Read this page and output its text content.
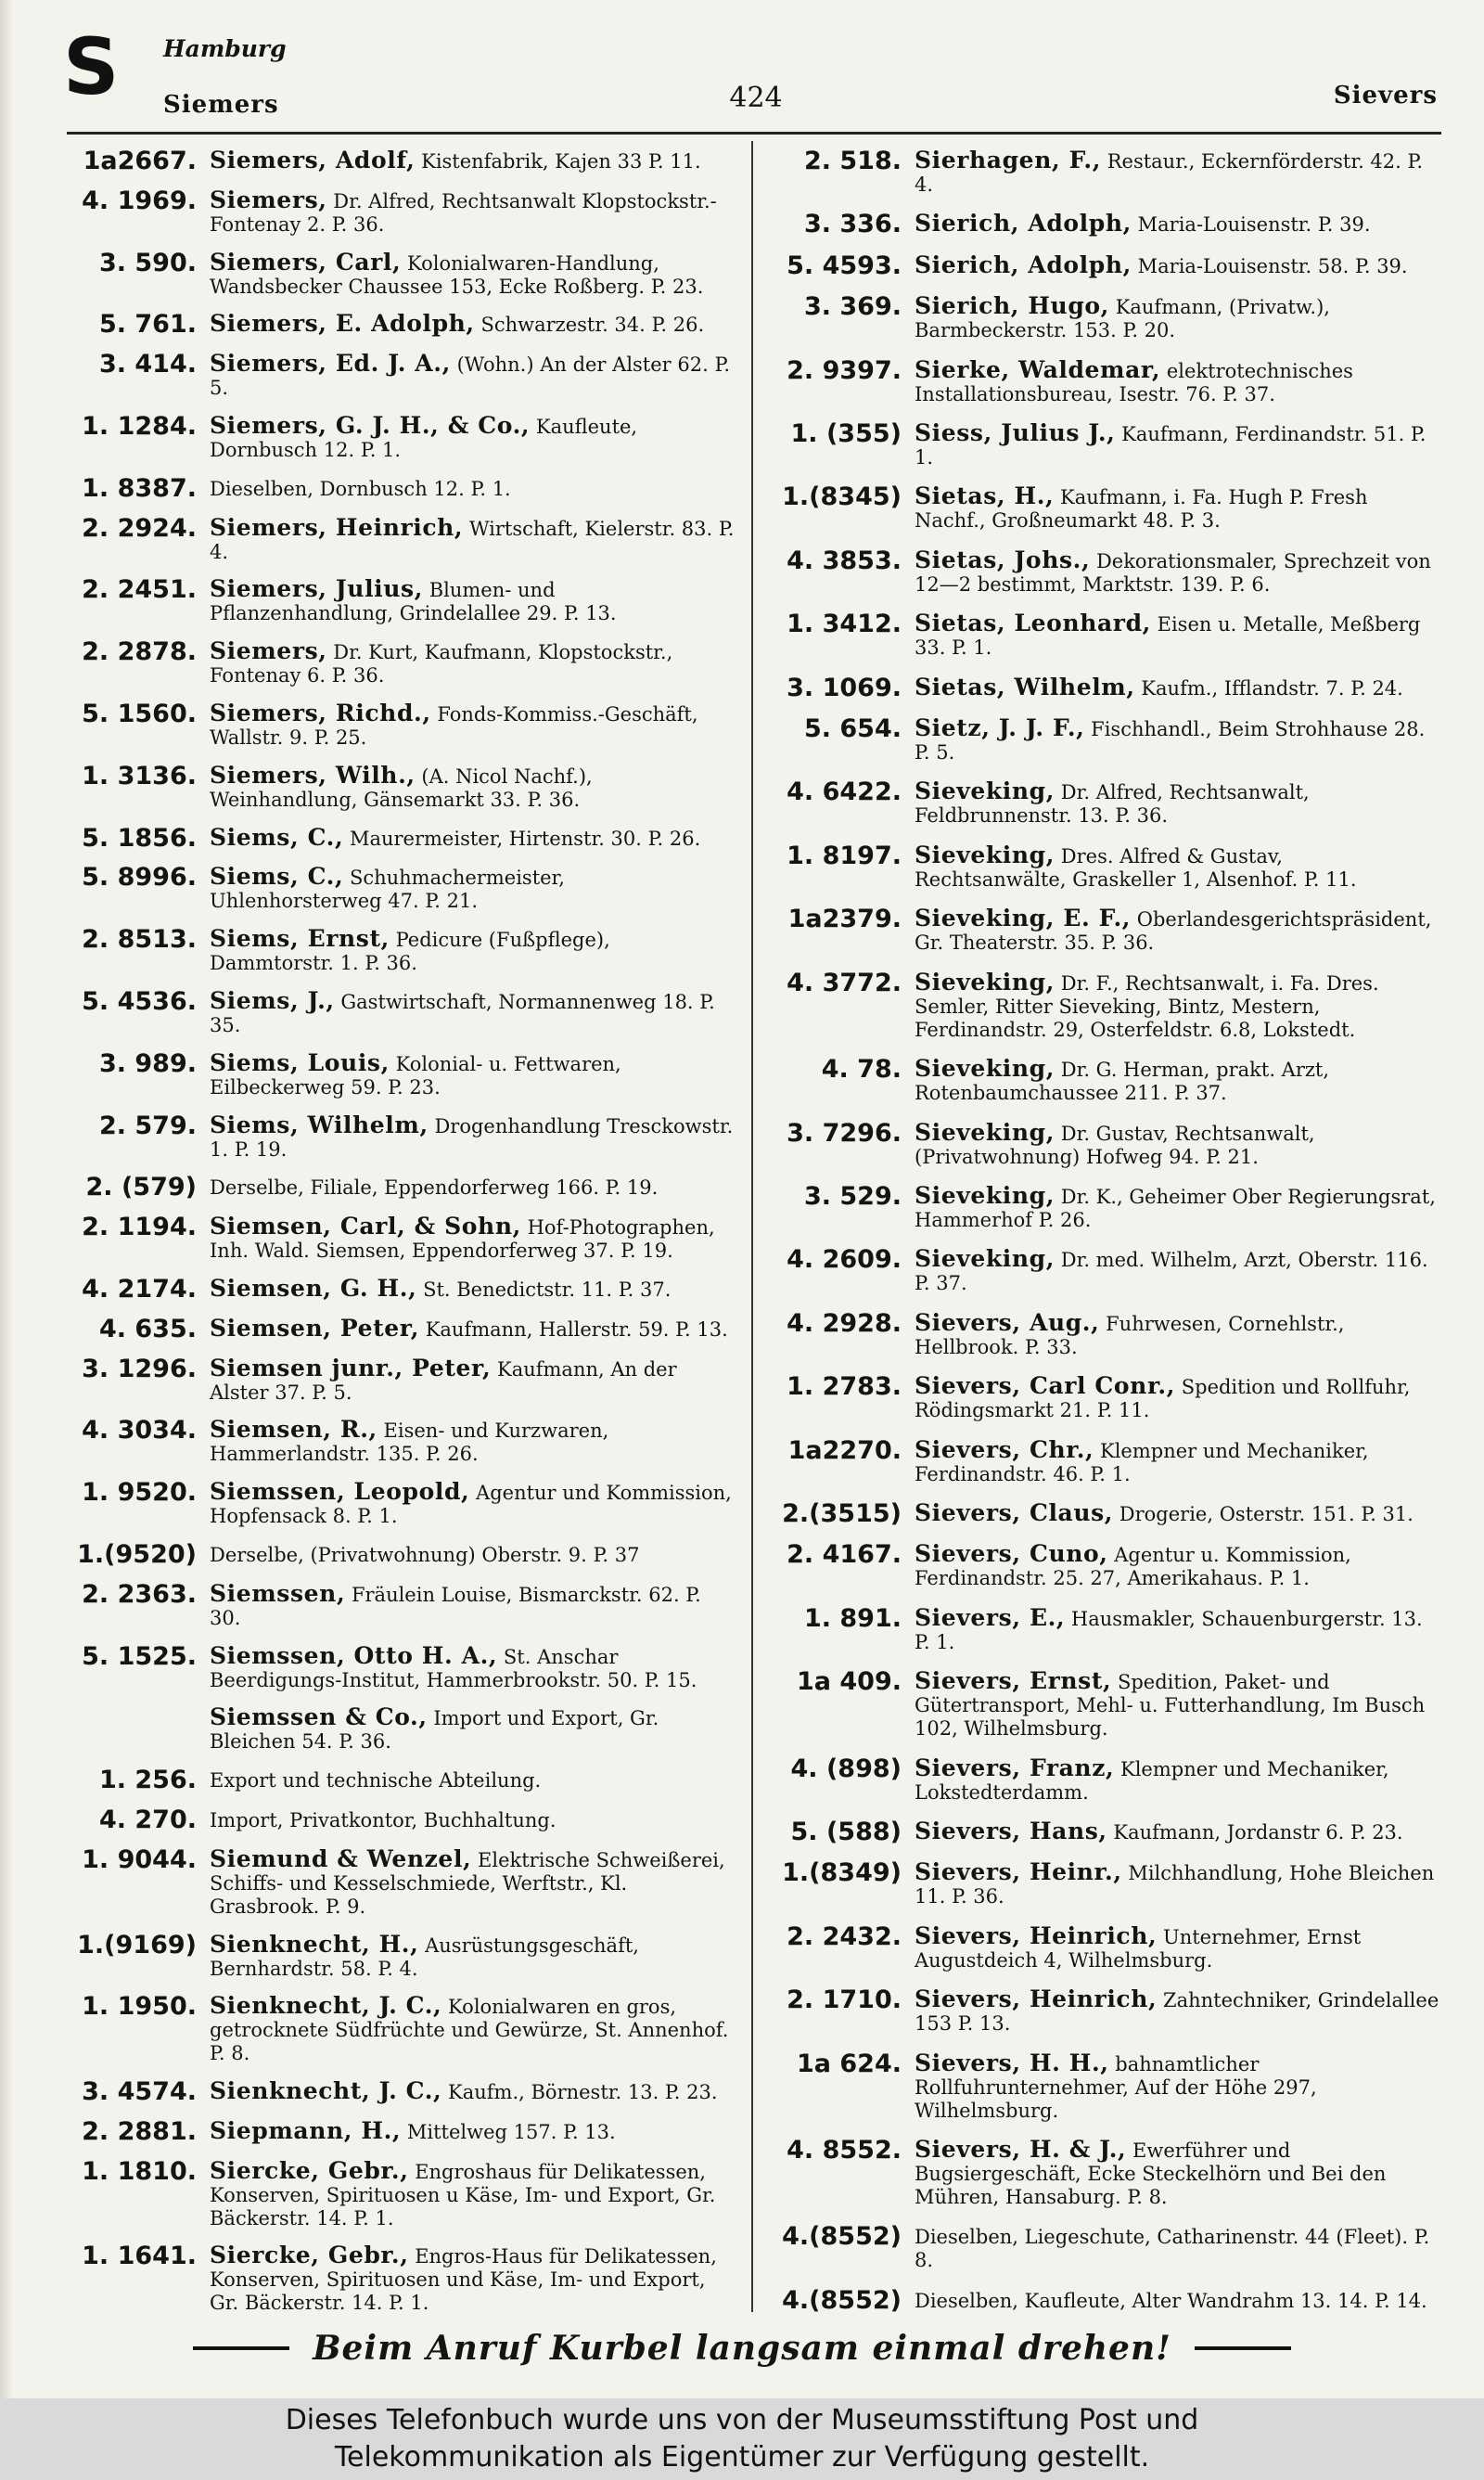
S Hamburg
Siemers	424	Sievers
1a2667. Siemers, Adolf, Kistenfabrik, Kajen 33 P. 11.
4. 1969. Siemers, Dr. Alfred, Rechtsanwalt Klopstockstr.-Fontenay 2. P. 36.
3. 590. Siemers, Carl, Kolonialwaren-Handlung, Wandsbecker Chaussee 153, Ecke Roßberg. P. 23.
5. 761. Siemers, E. Adolph, Schwarzestr. 34. P. 26.
3. 414. Siemers, Ed. J. A., (Wohn.) An der Alster 62. P. 5.
1. 1284. Siemers, G. J. H., & Co., Kaufleute, Dornbusch 12. P. 1.
1. 8387. Dieselben, Dornbusch 12. P. 1.
2. 2924. Siemers, Heinrich, Wirtschaft, Kielerstr. 83. P. 4.
2. 2451. Siemers, Julius, Blumen- und Pflanzenhandlung, Grindelallee 29. P. 13.
2. 2878. Siemers, Dr. Kurt, Kaufmann, Klopstockstr., Fontenay 6. P. 36.
5. 1560. Siemers, Richd., Fonds-Kommiss.-Geschäft, Wallstr. 9. P. 25.
1. 3136. Siemers, Wilh., (A. Nicol Nachf.), Weinhandlung, Gänsemarkt 33. P. 36.
5. 1856. Siems, C., Maurermeister, Hirtenstr. 30. P. 26.
5. 8996. Siems, C., Schuhmachermeister, Uhlenhorsterweg 47. P. 21.
2. 8513. Siems, Ernst, Pedicure (Fußpflege), Dammtorstr. 1. P. 36.
5. 4536. Siems, J., Gastwirtschaft, Normannenweg 18. P. 35.
3. 989. Siems, Louis, Kolonial- u. Fettwaren, Eilbeckerweg 59. P. 23.
2. 579. Siems, Wilhelm, Drogenhandlung Tresckowstr. 1. P. 19.
2. (579) Derselbe, Filiale, Eppendorferweg 166. P. 19.
2. 1194. Siemsen, Carl, & Sohn, Hof-Photographen, Inh. Wald. Siemsen, Eppendorferweg 37. P. 19.
4. 2174. Siemsen, G. H., St. Benedictstr. 11. P. 37.
4. 635. Siemsen, Peter, Kaufmann, Hallerstr. 59. P. 13.
3. 1296. Siemsen junr., Peter, Kaufmann, An der Alster 37. P. 5.
4. 3034. Siemsen, R., Eisen- und Kurzwaren, Hammerlandstr. 135. P. 26.
1. 9520. Siemssen, Leopold, Agentur und Kommission, Hopfensack 8. P. 1.
1.(9520) Derselbe, (Privatwohnung) Oberstr. 9. P. 37
2. 2363. Siemssen, Fräulein Louise, Bismarckstr. 62. P. 30.
5. 1525. Siemssen, Otto H. A., St. Anschar Beerdigungs-Institut, Hammerbrookstr. 50. P. 15.
Siemssen & Co., Import und Export, Gr. Bleichen 54. P. 36.
1. 256. Export und technische Abteilung.
4. 270. Import, Privatkontor, Buchhaltung.
1. 9044. Siemund & Wenzel, Elektrische Schweißerei, Schiffs- und Kesselschmiede, Werftstr., Kl. Grasbrook. P. 9.
1.(9169) Sienknecht, H., Ausrüstungsgeschäft, Bernhardstr. 58. P. 4.
1. 1950. Sienknecht, J. C., Kolonialwaren en gros, getrocknete Südfrüchte und Gewürze, St. Annenhof. P. 8.
3. 4574. Sienknecht, J. C., Kaufm., Börnestr. 13. P. 23.
2. 2881. Siepmann, H., Mittelweg 157. P. 13.
1. 1810. Siercke, Gebr., Engroshaus für Delikatessen, Konserven, Spirituosen u Käse, Im- und Export, Gr. Bäckerstr. 14. P. 1.
1. 1641. Siercke, Gebr., Engros-Haus für Delikatessen, Konserven, Spirituosen und Käse, Im- und Export, Gr. Bäckerstr. 14. P. 1.
2. 518. Sierhagen, F., Restaur., Eckernförderstr. 42. P. 4.
3. 336. Sierich, Adolph, Maria-Louisenstr. P. 39.
5. 4593. Sierich, Adolph, Maria-Louisenstr. 58. P. 39.
3. 369. Sierich, Hugo, Kaufmann, (Privatw.), Barmbeckerstr. 153. P. 20.
2. 9397. Sierke, Waldemar, elektrotechnisches Installationsbureau, Isestr. 76. P. 37.
1. (355) Siess, Julius J., Kaufmann, Ferdinandstr. 51. P. 1.
1.(8345) Sietas, H., Kaufmann, i. Fa. Hugh P. Fresh Nachf., Großneumarkt 48. P. 3.
4. 3853. Sietas, Johs., Dekorationsmaler, Sprechzeit von 12—2 bestimmt, Marktstr. 139. P. 6.
1. 3412. Sietas, Leonhard, Eisen u. Metalle, Meßberg 33. P. 1.
3. 1069. Sietas, Wilhelm, Kaufm., Ifflandstr. 7. P. 24.
5. 654. Sietz, J. J. F., Fischhandl., Beim Strohhause 28. P. 5.
4. 6422. Sieveking, Dr. Alfred, Rechtsanwalt, Feldbrunnenstr. 13. P. 36.
1. 8197. Sieveking, Dres. Alfred & Gustav, Rechtsanwälte, Graskeller 1, Alsenhof. P. 11.
1a2379. Sieveking, E. F., Oberlandesgerichtspräsident, Gr. Theaterstr. 35. P. 36.
4. 3772. Sieveking, Dr. F., Rechtsanwalt, i. Fa. Dres. Semler, Ritter Sieveking, Bintz, Mestern, Ferdinandstr. 29, Osterfeldstr. 6.8, Lokstedt.
4. 78. Sieveking, Dr. G. Herman, prakt. Arzt, Rotenbaumchaussee 211. P. 37.
3. 7296. Sieveking, Dr. Gustav, Rechtsanwalt, (Privatwohnung) Hofweg 94. P. 21.
3. 529. Sieveking, Dr. K., Geheimer Ober Regierungsrat, Hammerhof P. 26.
4. 2609. Sieveking, Dr. med. Wilhelm, Arzt, Oberstr. 116. P. 37.
4. 2928. Sievers, Aug., Fuhrwesen, Cornehlstr., Hellbrook. P. 33.
1. 2783. Sievers, Carl Conr., Spedition und Rollfuhr, Rödingsmarkt 21. P. 11.
1a2270. Sievers, Chr., Klempner und Mechaniker, Ferdinandstr. 46. P. 1.
2.(3515) Sievers, Claus, Drogerie, Osterstr. 151. P. 31.
2. 4167. Sievers, Cuno, Agentur u. Kommission, Ferdinandstr. 25. 27, Amerikahaus. P. 1.
1. 891. Sievers, E., Hausmakler, Schauenburgerstr. 13. P. 1.
1a 409. Sievers, Ernst, Spedition, Paket- und Gütertransport, Mehl- u. Futterhandlung, Im Busch 102, Wilhelmsburg.
4. (898) Sievers, Franz, Klempner und Mechaniker, Lokstedterdamm.
5. (588) Sievers, Hans, Kaufmann, Jordanstr 6. P. 23.
1.(8349) Sievers, Heinr., Milchhandlung, Hohe Bleichen 11. P. 36.
2. 2432. Sievers, Heinrich, Unternehmer, Ernst Augustdeich 4, Wilhelmsburg.
2. 1710. Sievers, Heinrich, Zahntechniker, Grindelallee 153 P. 13.
1a 624. Sievers, H. H., bahnamtlicher Rollfuhrunternehmer, Auf der Höhe 297, Wilhelmsburg.
4. 8552. Sievers, H. & J., Ewerführer und Bugsiergeschäft, Ecke Steckelhörn und Bei den Mühren, Hansaburg. P. 8.
4.(8552) Dieselben, Liegeschute, Catharinenstr. 44 (Fleet). P. 8.
4.(8552) Dieselben, Kaufleute, Alter Wandrahm 13. 14. P. 14.
Beim Anruf Kurbel langsam einmal drehen!
Dieses Telefonbuch wurde uns von der Museumsstiftung Post und
Telekommunikation als Eigentümer zur Verfügung gestellt.
